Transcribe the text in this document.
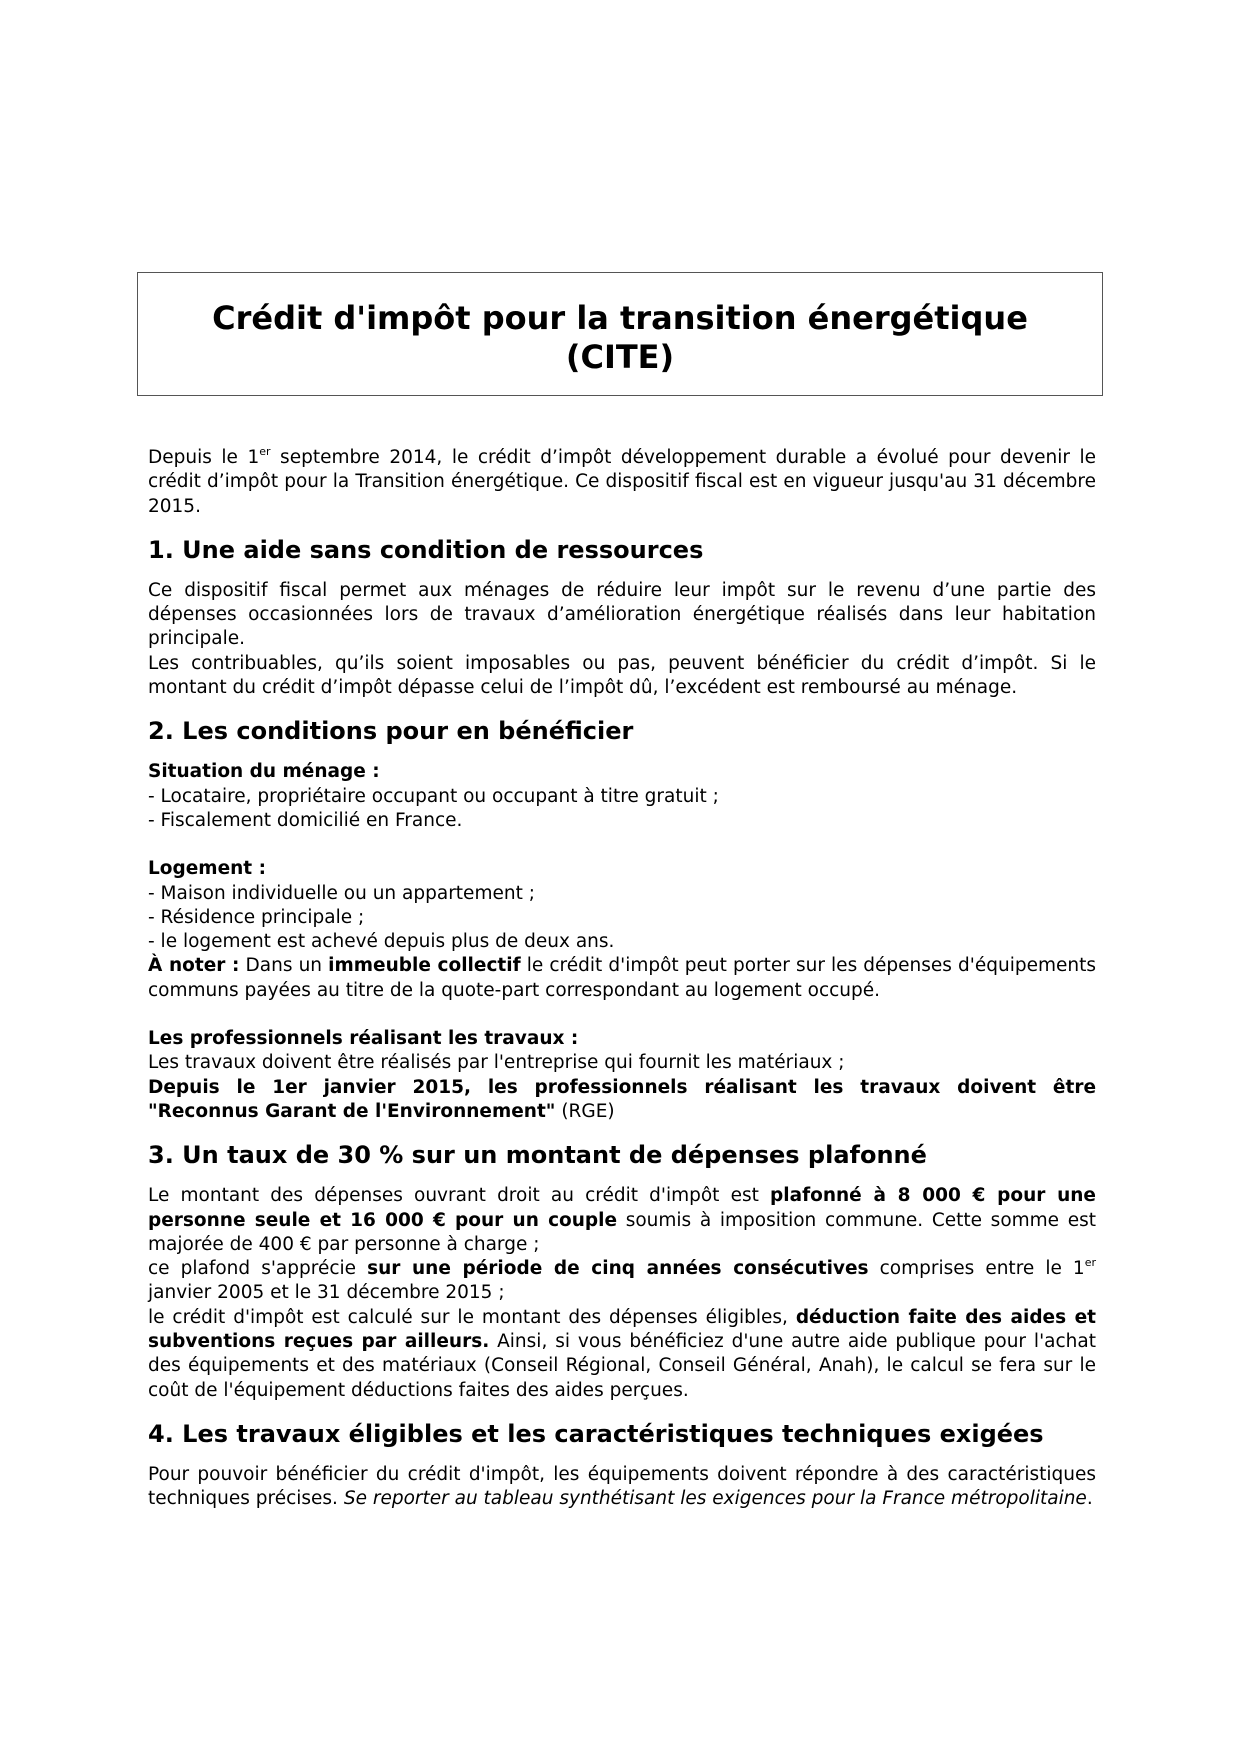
Crédit d'impôt pour la transition énergétique
(CITE)

Depuis le 1er septembre 2014, le crédit d’impôt développement durable a évolué pour devenir le crédit d’impôt pour la Transition énergétique. Ce dispositif fiscal est en vigueur jusqu'au 31 décembre 2015.

1. Une aide sans condition de ressources

Ce dispositif fiscal permet aux ménages de réduire leur impôt sur le revenu d’une partie des dépenses occasionnées lors de travaux d’amélioration énergétique réalisés dans leur habitation principale.

Les contribuables, qu’ils soient imposables ou pas, peuvent bénéficier du crédit d’impôt. Si le montant du crédit d’impôt dépasse celui de l’impôt dû, l’excédent est remboursé au ménage.

2. Les conditions pour en bénéficier

Situation du ménage :

- Locataire, propriétaire occupant ou occupant à titre gratuit ;

- Fiscalement domicilié en France.

Logement :

- Maison individuelle ou un appartement ;

- Résidence principale ;

- le logement est achevé depuis plus de deux ans.

À noter : Dans un immeuble collectif le crédit d'impôt peut porter sur les dépenses d'équipements communs payées au titre de la quote-part correspondant au logement occupé.

Les professionnels réalisant les travaux :

Les travaux doivent être réalisés par l'entreprise qui fournit les matériaux ;

Depuis le 1er janvier 2015, les professionnels réalisant les travaux doivent être "Reconnus Garant de l'Environnement" (RGE)

3. Un taux de 30 % sur un montant de dépenses plafonné

Le montant des dépenses ouvrant droit au crédit d'impôt est plafonné à 8 000 € pour une personne seule et 16 000 € pour un couple soumis à imposition commune. Cette somme est majorée de 400 € par personne à charge ;

ce plafond s'apprécie sur une période de cinq années consécutives comprises entre le 1er janvier 2005 et le 31 décembre 2015 ;

le crédit d'impôt est calculé sur le montant des dépenses éligibles, déduction faite des aides et subventions reçues par ailleurs. Ainsi, si vous bénéficiez d'une autre aide publique pour l'achat des équipements et des matériaux (Conseil Régional, Conseil Général, Anah), le calcul se fera sur le coût de l'équipement déductions faites des aides perçues.

4. Les travaux éligibles et les caractéristiques techniques exigées

Pour pouvoir bénéficier du crédit d'impôt, les équipements doivent répondre à des caractéristiques techniques précises. Se reporter au tableau synthétisant les exigences pour la France métropolitaine.
